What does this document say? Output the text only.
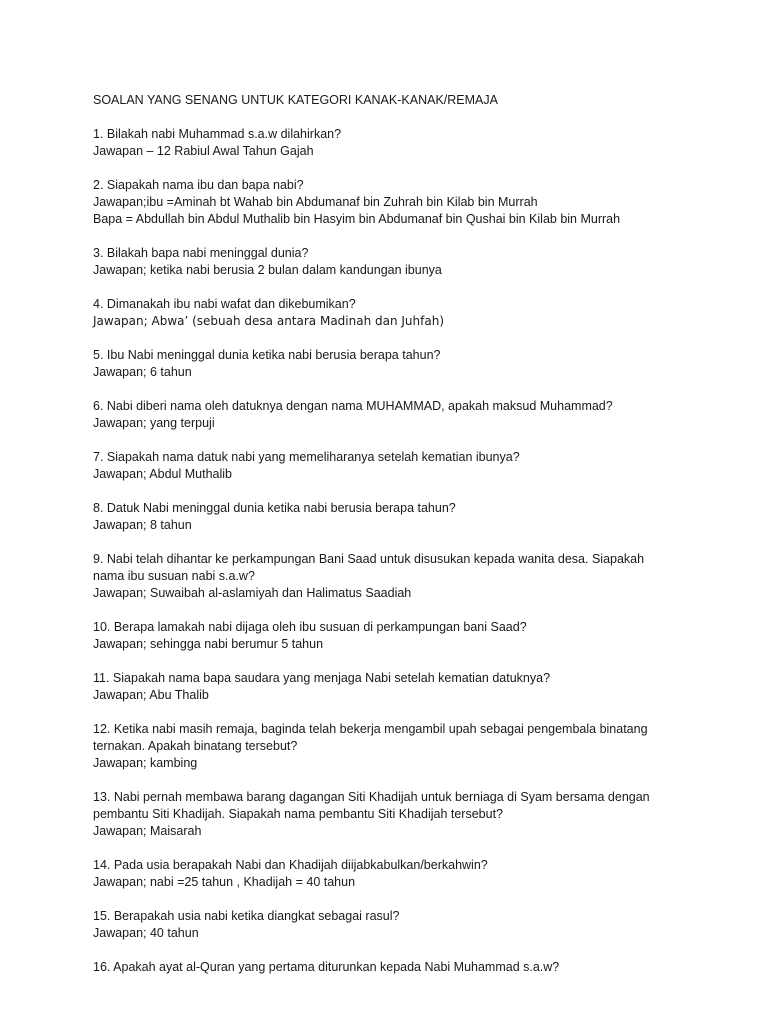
SOALAN YANG SENANG UNTUK KATEGORI KANAK-KANAK/REMAJA

1. Bilakah nabi Muhammad s.a.w dilahirkan?
Jawapan – 12 Rabiul Awal Tahun Gajah
2. Siapakah nama ibu dan bapa nabi?
Jawapan;ibu =Aminah bt Wahab bin Abdumanaf bin Zuhrah bin Kilab bin Murrah
Bapa = Abdullah bin Abdul Muthalib bin Hasyim bin Abdumanaf bin Qushai bin Kilab bin Murrah
3. Bilakah bapa nabi meninggal dunia?
Jawapan; ketika nabi berusia 2 bulan dalam kandungan ibunya
4. Dimanakah ibu nabi wafat dan dikebumikan?
Jawapan; Abwa’ (sebuah desa antara Madinah dan Juhfah)
5. Ibu Nabi meninggal dunia ketika nabi berusia berapa tahun?
Jawapan; 6 tahun
6. Nabi diberi nama oleh datuknya dengan nama MUHAMMAD, apakah maksud Muhammad?
Jawapan; yang terpuji
7. Siapakah nama datuk nabi yang memeliharanya setelah kematian ibunya?
Jawapan; Abdul Muthalib
8. Datuk Nabi meninggal dunia ketika nabi berusia berapa tahun?
Jawapan; 8 tahun
9. Nabi telah dihantar ke perkampungan Bani Saad untuk disusukan kepada wanita desa. Siapakah
nama ibu susuan nabi s.a.w?
Jawapan; Suwaibah al-aslamiyah dan Halimatus Saadiah
10. Berapa lamakah nabi dijaga oleh ibu susuan di perkampungan bani Saad?
Jawapan; sehingga nabi berumur 5 tahun
11. Siapakah nama bapa saudara yang menjaga Nabi setelah kematian datuknya?
Jawapan; Abu Thalib
12. Ketika nabi masih remaja, baginda telah bekerja mengambil upah sebagai pengembala binatang
ternakan. Apakah binatang tersebut?
Jawapan; kambing
13. Nabi pernah membawa barang dagangan Siti Khadijah untuk berniaga di Syam bersama dengan
pembantu Siti Khadijah. Siapakah nama pembantu Siti Khadijah tersebut?
Jawapan; Maisarah
14. Pada usia berapakah Nabi dan Khadijah diijabkabulkan/berkahwin?
Jawapan; nabi =25 tahun , Khadijah = 40 tahun
15. Berapakah usia nabi ketika diangkat sebagai rasul?
Jawapan; 40 tahun
16. Apakah ayat al-Quran yang pertama diturunkan kepada Nabi Muhammad s.a.w?
